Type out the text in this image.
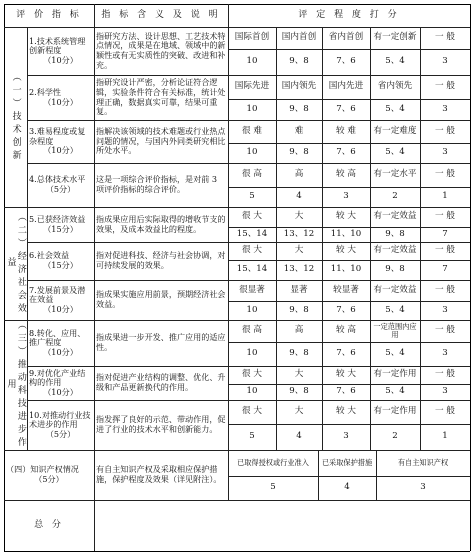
评 价 指 标	指 标 含 义 及 说 明	评 定 程 度 打 分
（一）技术创新
（二）经济社会效益
（三）推动科技进步作用
1.技术系统管理创新程度
（10分）
指研究方法、设计思想、工艺技术特点情况，成果是在地域、领域中的新颖性或有无实质性的突破、改进和补充。
国际首创
10
国内首创
9、8
省内首创
7、6
有一定创新
5、4
一 般
3
2.科学性
（10分）
指研究设计严密，分析论证符合逻辑，实验条件符合有关标准，统计处理正确，数据真实可靠，结果可重复。
国际先进
10
国内领先
9、8
国内先进
7、6
省内领先
5、4
一 般
3
3.难易程度或复杂程度
（10分）
指解决该领域的技术难题或行业热点问题的情况，与国内外同类研究相比所处水平。
很 难
10
难
9、8
较 难
7、6
有一定难度
5、4
一 般
3
4.总体技术水平
（5分）
这是一项综合评价指标，是对前 3 项评价指标的综合评价。
很 高
5
高
4
较 高
3
有一定水平
2
一 般
1
5.已获经济效益
（15分）
指成果应用后实际取得的增收节支的效果，及成本效益比的程度。
很 大
15、14
大
13、12
较 大
11、10
有一定效益
9、8
一 般
7
6.社会效益
（15分）
指对促进科技、经济与社会协调，对可持续发展的效果。
很 大
15、14
大
13、12
较 大
11、10
有一定效益
9、8
一 般
7
7.发展前景及潜在效益
（10分）
指成果实施应用前景，预期经济社会效益。
很显著
10
显著
9、8
较显著
7、6
有一定效益
5、4
一 般
3
8.转化、应用、推广程度
（10分）
指成果进一步开发、推广应用的适应性。
很 高
10
高
9、8
较 高
7、6
一定范围内应用
5、4
一 般
3
9.对优化产业结构的作用
（10分）
指对促进产业结构的调整、优化、升级和产品更新换代的作用。
很 大
10
大
9、8
较 大
7、6
有一定作用
5、4
一 般
3
10.对推动行业技术进步的作用
（5分）
指发挥了良好的示范、带动作用，促进了行业的技术水平和创新能力。
很 大
5
大
4
较 大
3
有一定作用
2
一 般
1
（四）知识产权情况
（5分）
有自主知识产权及采取相应保护措施，保护程度及效果（详见附注）。
已取得授权或行业准入
5
已采取保护措施
4
有自主知识产权
3
总 分
